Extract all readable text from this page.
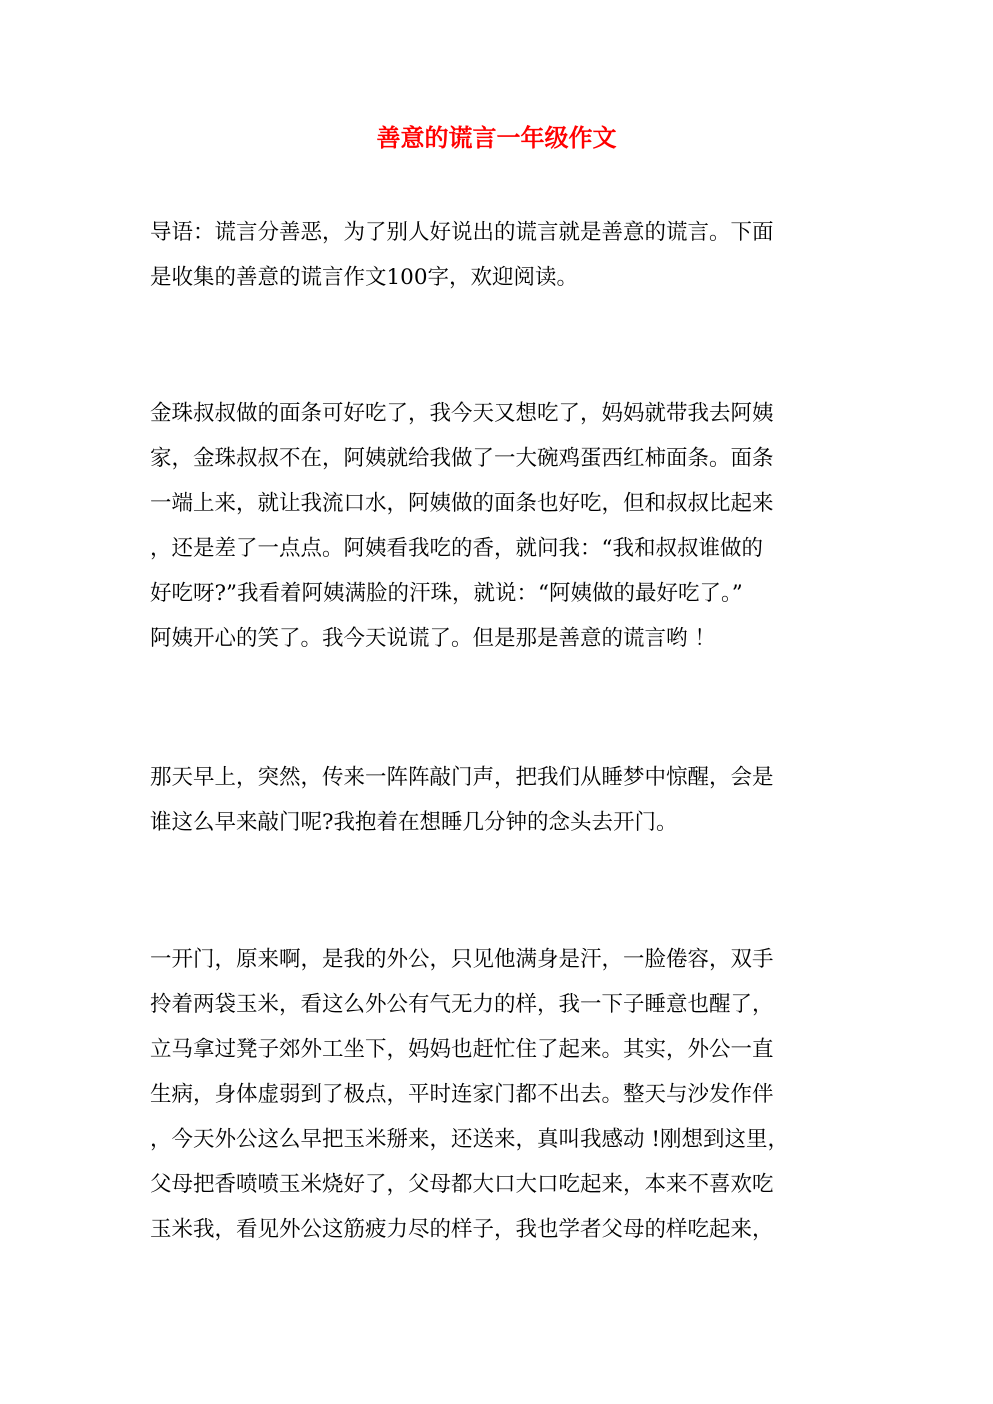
善意的谎言一年级作文
导语：谎言分善恶，为了别人好说出的谎言就是善意的谎言。下面
是收集的善意的谎言作文100字，欢迎阅读。
金珠叔叔做的面条可好吃了，我今天又想吃了，妈妈就带我去阿姨
家，金珠叔叔不在，阿姨就给我做了一大碗鸡蛋西红柿面条。面条
一端上来，就让我流口水，阿姨做的面条也好吃，但和叔叔比起来
，还是差了一点点。阿姨看我吃的香，就问我：“我和叔叔谁做的
好吃呀?”我看着阿姨满脸的汗珠，就说：“阿姨做的最好吃了。”
阿姨开心的笑了。我今天说谎了。但是那是善意的谎言哟 ！
那天早上，突然，传来一阵阵敲门声，把我们从睡梦中惊醒，会是
谁这么早来敲门呢?我抱着在想睡几分钟的念头去开门。
一开门，原来啊，是我的外公，只见他满身是汗，一脸倦容，双手
拎着两袋玉米，看这么外公有气无力的样，我一下子睡意也醒了，
立马拿过凳子郊外工坐下，妈妈也赶忙住了起来。其实，外公一直
生病，身体虚弱到了极点，平时连家门都不出去。整天与沙发作伴
，今天外公这么早把玉米掰来，还送来，真叫我感动 !刚想到这里，
父母把香喷喷玉米烧好了，父母都大口大口吃起来，本来不喜欢吃
玉米我，看见外公这筋疲力尽的样子，我也学者父母的样吃起来，
